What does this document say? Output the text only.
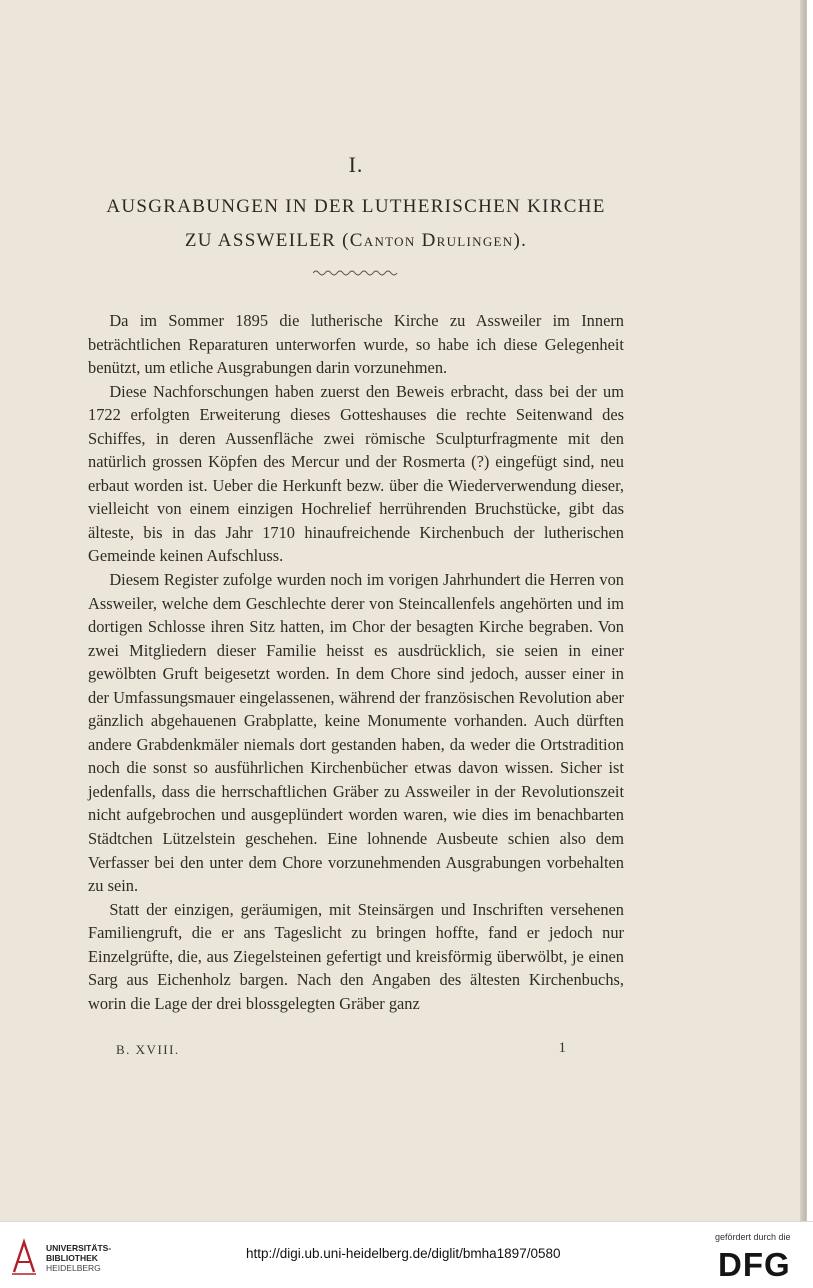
I.
AUSGRABUNGEN IN DER LUTHERISCHEN KIRCHE
ZU ASSWEILER (Canton Drulingen).

Da im Sommer 1895 die lutherische Kirche zu Assweiler im Innern beträchtlichen Reparaturen unterworfen wurde, so habe ich diese Gelegenheit benützt, um etliche Ausgrabungen darin vorzunehmen.

Diese Nachforschungen haben zuerst den Beweis erbracht, dass bei der um 1722 erfolgten Erweiterung dieses Gotteshauses die rechte Seitenwand des Schiffes, in deren Aussenfläche zwei römische Sculpturfragmente mit den natürlich grossen Köpfen des Mercur und der Rosmerta (?) eingefügt sind, neu erbaut worden ist. Ueber die Herkunft bezw. über die Wiederverwendung dieser, vielleicht von einem einzigen Hochrelief herrührenden Bruchstücke, gibt das älteste, bis in das Jahr 1710 hinaufreichende Kirchenbuch der lutherischen Gemeinde keinen Aufschluss.

Diesem Register zufolge wurden noch im vorigen Jahrhundert die Herren von Assweiler, welche dem Geschlechte derer von Steincallenfels angehörten und im dortigen Schlosse ihren Sitz hatten, im Chor der besagten Kirche begraben. Von zwei Mitgliedern dieser Familie heisst es ausdrücklich, sie seien in einer gewölbten Gruft beigesetzt worden. In dem Chore sind jedoch, ausser einer in der Umfassungsmauer eingelassenen, während der französischen Revolution aber gänzlich abgehauenen Grabplatte, keine Monumente vorhanden. Auch dürften andere Grabdenkmäler niemals dort gestanden haben, da weder die Ortstradition noch die sonst so ausführlichen Kirchenbücher etwas davon wissen. Sicher ist jedenfalls, dass die herrschaftlichen Gräber zu Assweiler in der Revolutionszeit nicht aufgebrochen und ausgeplündert worden waren, wie dies im benachbarten Städtchen Lützelstein geschehen. Eine lohnende Ausbeute schien also dem Verfasser bei den unter dem Chore vorzunehmenden Ausgrabungen vorbehalten zu sein.

Statt der einzigen, geräumigen, mit Steinsärgen und Inschriften versehenen Familiengruft, die er ans Tageslicht zu bringen hoffte, fand er jedoch nur Einzelgrüfte, die, aus Ziegelsteinen gefertigt und kreisförmig überwölbt, je einen Sarg aus Eichenholz bargen. Nach den Angaben des ältesten Kirchenbuchs, worin die Lage der drei blossgelegten Gräber ganz

B. XVIII.	1
UNIVERSITÄTS-
BIBLIOTHEK
HEIDELBERG
http://digi.ub.uni-heidelberg.de/diglit/bmha1897/0580
gefördert durch die
DFG
